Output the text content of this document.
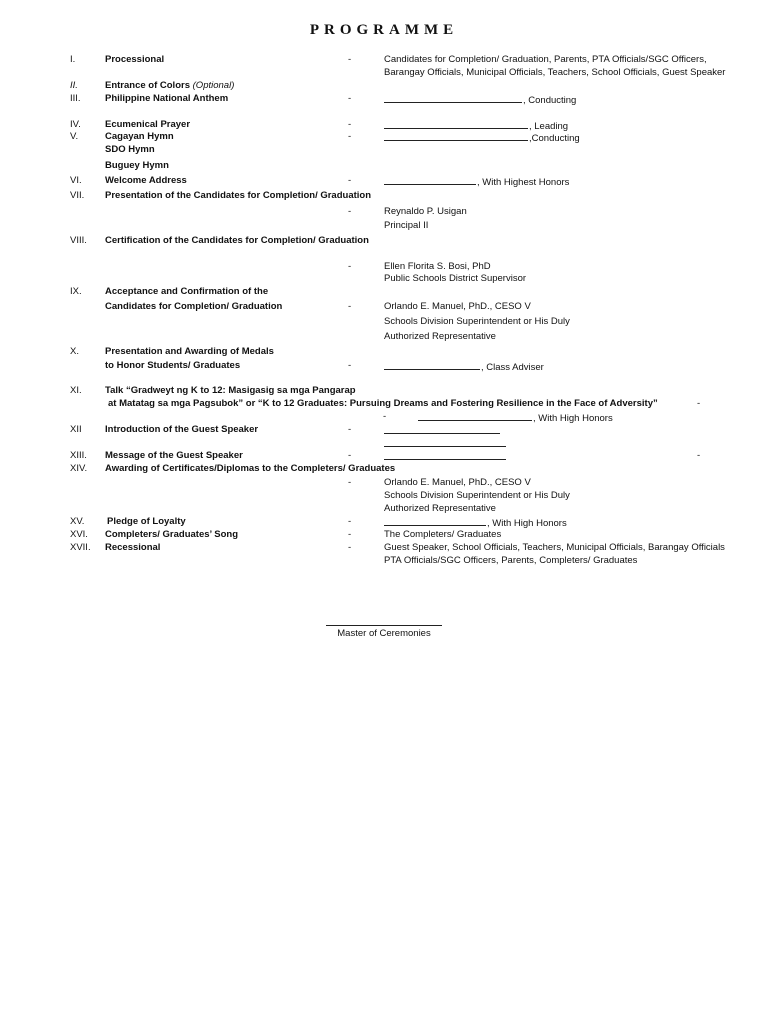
PROGRAMME
I.	Processional	-	Candidates for Completion/ Graduation, Parents, PTA Officials/SGC Officers,
Barangay Officials, Municipal Officials, Teachers, School Officials, Guest Speaker
II.	Entrance of Colors (Optional)
III.	Philippine National Anthem	-	, Conducting
IV.	Ecumenical Prayer	-	, Leading
V.	Cagayan Hymn	-	,Conducting
SDO Hymn
Buguey Hymn
VI. Welcome Address	-	, With Highest Honors
VII. Presentation of the Candidates for Completion/ Graduation
-	Reynaldo P. Usigan
Principal II
VIII. Certification of the Candidates for Completion/ Graduation
-	Ellen Florita S. Bosi, PhD
Public Schools District Supervisor
IX. Acceptance and Confirmation of the
Candidates for Completion/ Graduation	-	Orlando E. Manuel, PhD., CESO V
Schools Division Superintendent or His Duly
Authorized Representative
X.	Presentation and Awarding of Medals
to Honor Students/ Graduates	-	, Class Adviser
XI. Talk “Gradweyt ng K to 12: Masigasig sa mga Pangarap
at Matatag sa mga Pagsubok” or “K to 12 Graduates: Pursuing Dreams and Fostering Resilience in the Face of Adversity”	-
-	, With High Honors
XII Introduction of the Guest Speaker	-
XIII. Message of the Guest Speaker	-	-
XIV. Awarding of Certificates/Diplomas to the Completers/ Graduates
-	Orlando E. Manuel, PhD., CESO V
Schools Division Superintendent or His Duly
Authorized Representative
XV. Pledge of Loyalty	-	, With High Honors
XVI. Completers/ Graduates’ Song	-	The Completers/ Graduates
XVII. Recessional	-	Guest Speaker, School Officials, Teachers, Municipal Officials, Barangay Officials
PTA Officials/SGC Officers, Parents, Completers/ Graduates
Master of Ceremonies
